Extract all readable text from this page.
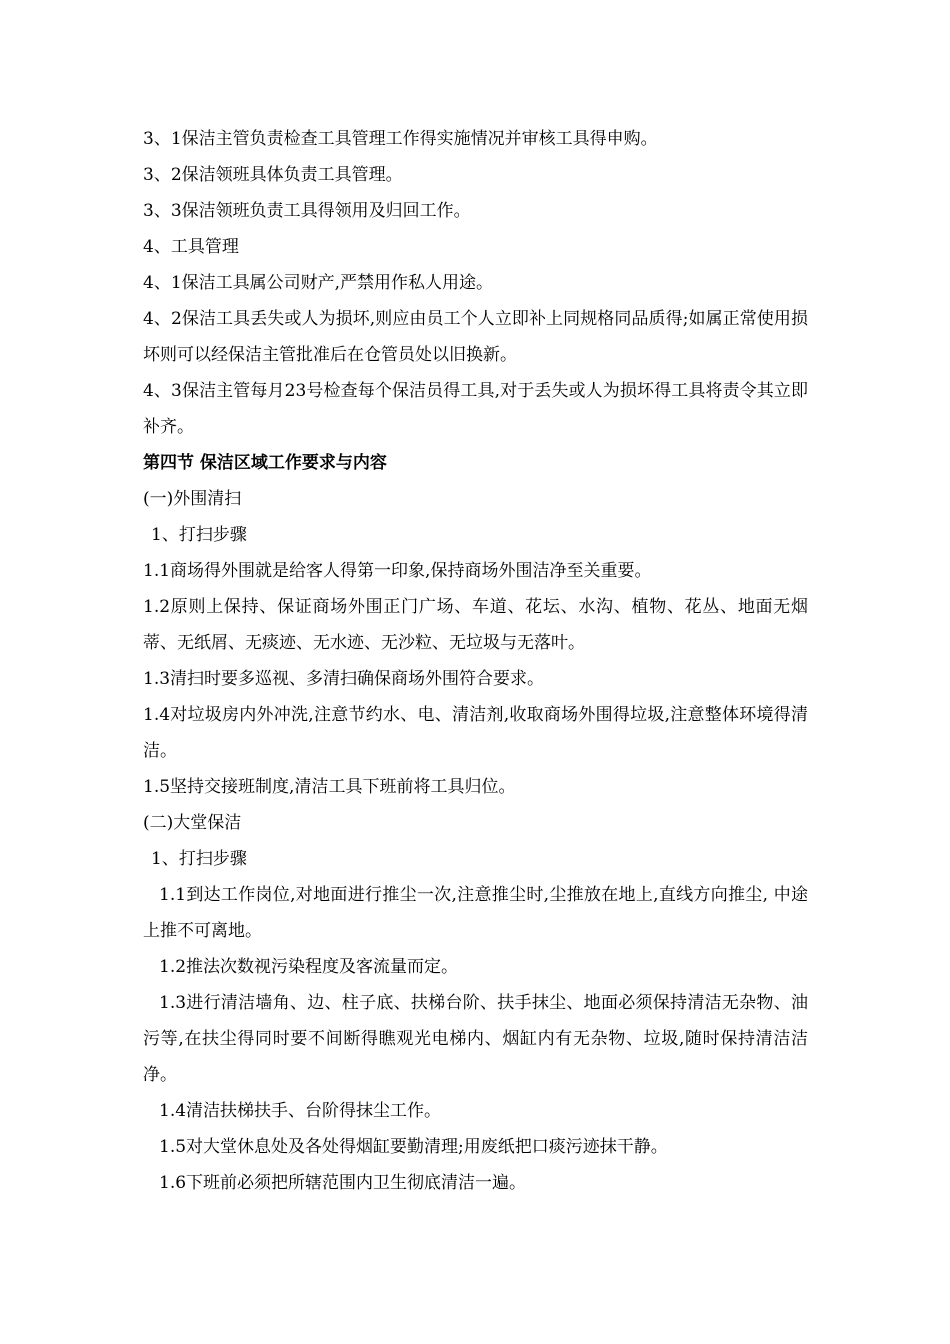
3、1保洁主管负责检查工具管理工作得实施情况并审核工具得申购。

3、2保洁领班具体负责工具管理。

3、3保洁领班负责工具得领用及归回工作。

4、工具管理

4、1保洁工具属公司财产,严禁用作私人用途。

4、2保洁工具丢失或人为损坏,则应由员工个人立即补上同规格同品质得;如属正常使用损坏则可以经保洁主管批准后在仓管员处以旧换新。

4、3保洁主管每月23号检查每个保洁员得工具,对于丢失或人为损坏得工具将责令其立即补齐。

第四节 保洁区域工作要求与内容

(一)外围清扫

1、打扫步骤

1.1商场得外围就是给客人得第一印象,保持商场外围洁净至关重要。

1.2原则上保持、保证商场外围正门广场、车道、花坛、水沟、植物、花丛、地面无烟蒂、无纸屑、无痰迹、无水迹、无沙粒、无垃圾与无落叶。

1.3清扫时要多巡视、多清扫确保商场外围符合要求。

1.4对垃圾房内外冲洗,注意节约水、电、清洁剂,收取商场外围得垃圾,注意整体环境得清洁。

1.5坚持交接班制度,清洁工具下班前将工具归位。

(二)大堂保洁

1、打扫步骤

1.1到达工作岗位,对地面进行推尘一次,注意推尘时,尘推放在地上,直线方向推尘, 中途上推不可离地。

1.2推法次数视污染程度及客流量而定。

1.3进行清洁墙角、边、柱子底、扶梯台阶、扶手抹尘、地面必须保持清洁无杂物、油污等,在扶尘得同时要不间断得瞧观光电梯内、烟缸内有无杂物、垃圾,随时保持清洁洁净。

1.4清洁扶梯扶手、台阶得抹尘工作。

1.5对大堂休息处及各处得烟缸要勤清理;用废纸把口痰污迹抹干静。

1.6下班前必须把所辖范围内卫生彻底清洁一遍。
